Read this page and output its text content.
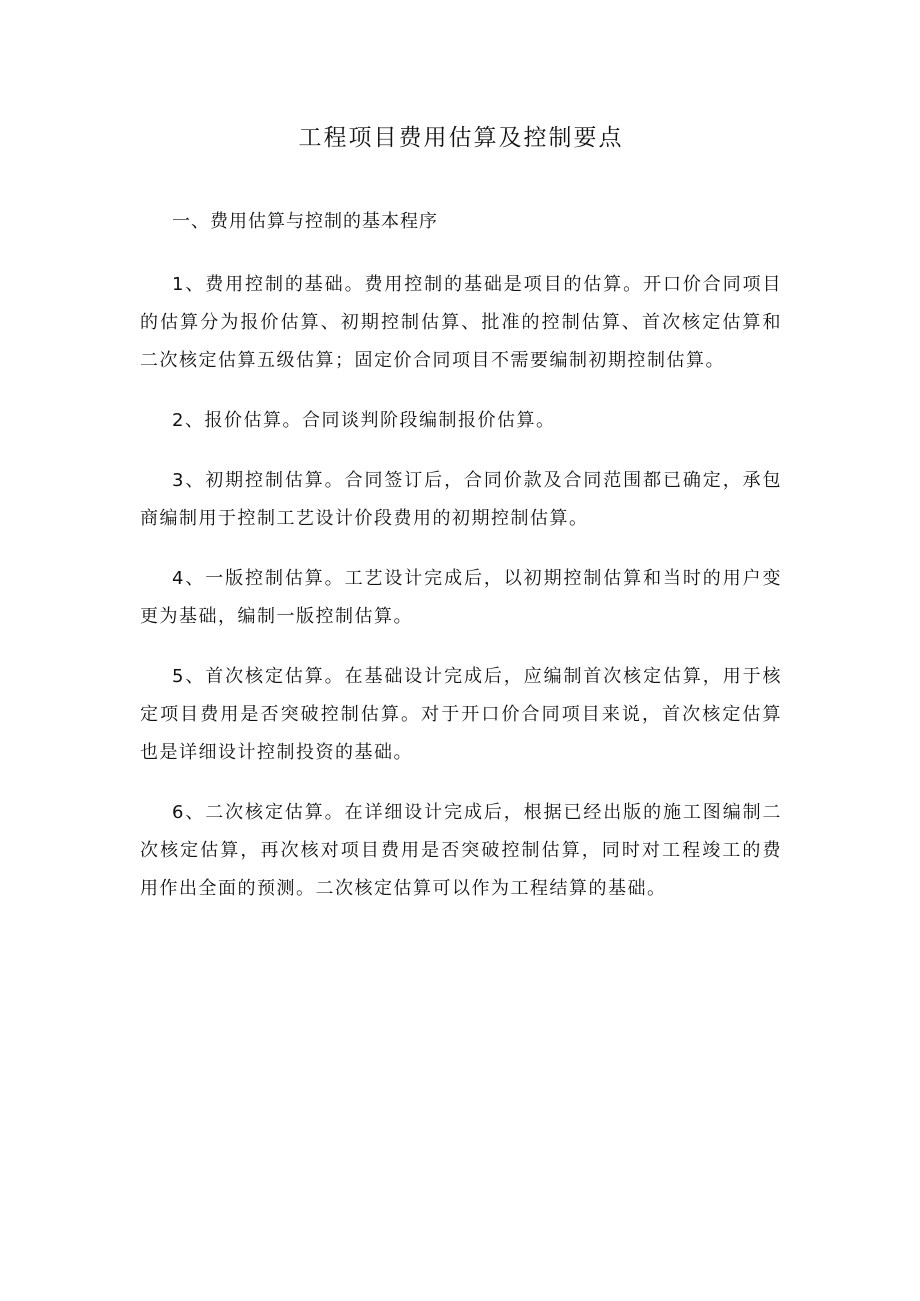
工程项目费用估算及控制要点
一、费用估算与控制的基本程序

1、费用控制的基础。费用控制的基础是项目的估算。开口价合同项目的估算分为报价估算、初期控制估算、批准的控制估算、首次核定估算和二次核定估算五级估算；固定价合同项目不需要编制初期控制估算。

2、报价估算。合同谈判阶段编制报价估算。

3、初期控制估算。合同签订后，合同价款及合同范围都已确定，承包商编制用于控制工艺设计价段费用的初期控制估算。

4、一版控制估算。工艺设计完成后，以初期控制估算和当时的用户变更为基础，编制一版控制估算。

5、首次核定估算。在基础设计完成后，应编制首次核定估算，用于核定项目费用是否突破控制估算。对于开口价合同项目来说，首次核定估算也是详细设计控制投资的基础。

6、二次核定估算。在详细设计完成后，根据已经出版的施工图编制二次核定估算，再次核对项目费用是否突破控制估算，同时对工程竣工的费用作出全面的预测。二次核定估算可以作为工程结算的基础。
